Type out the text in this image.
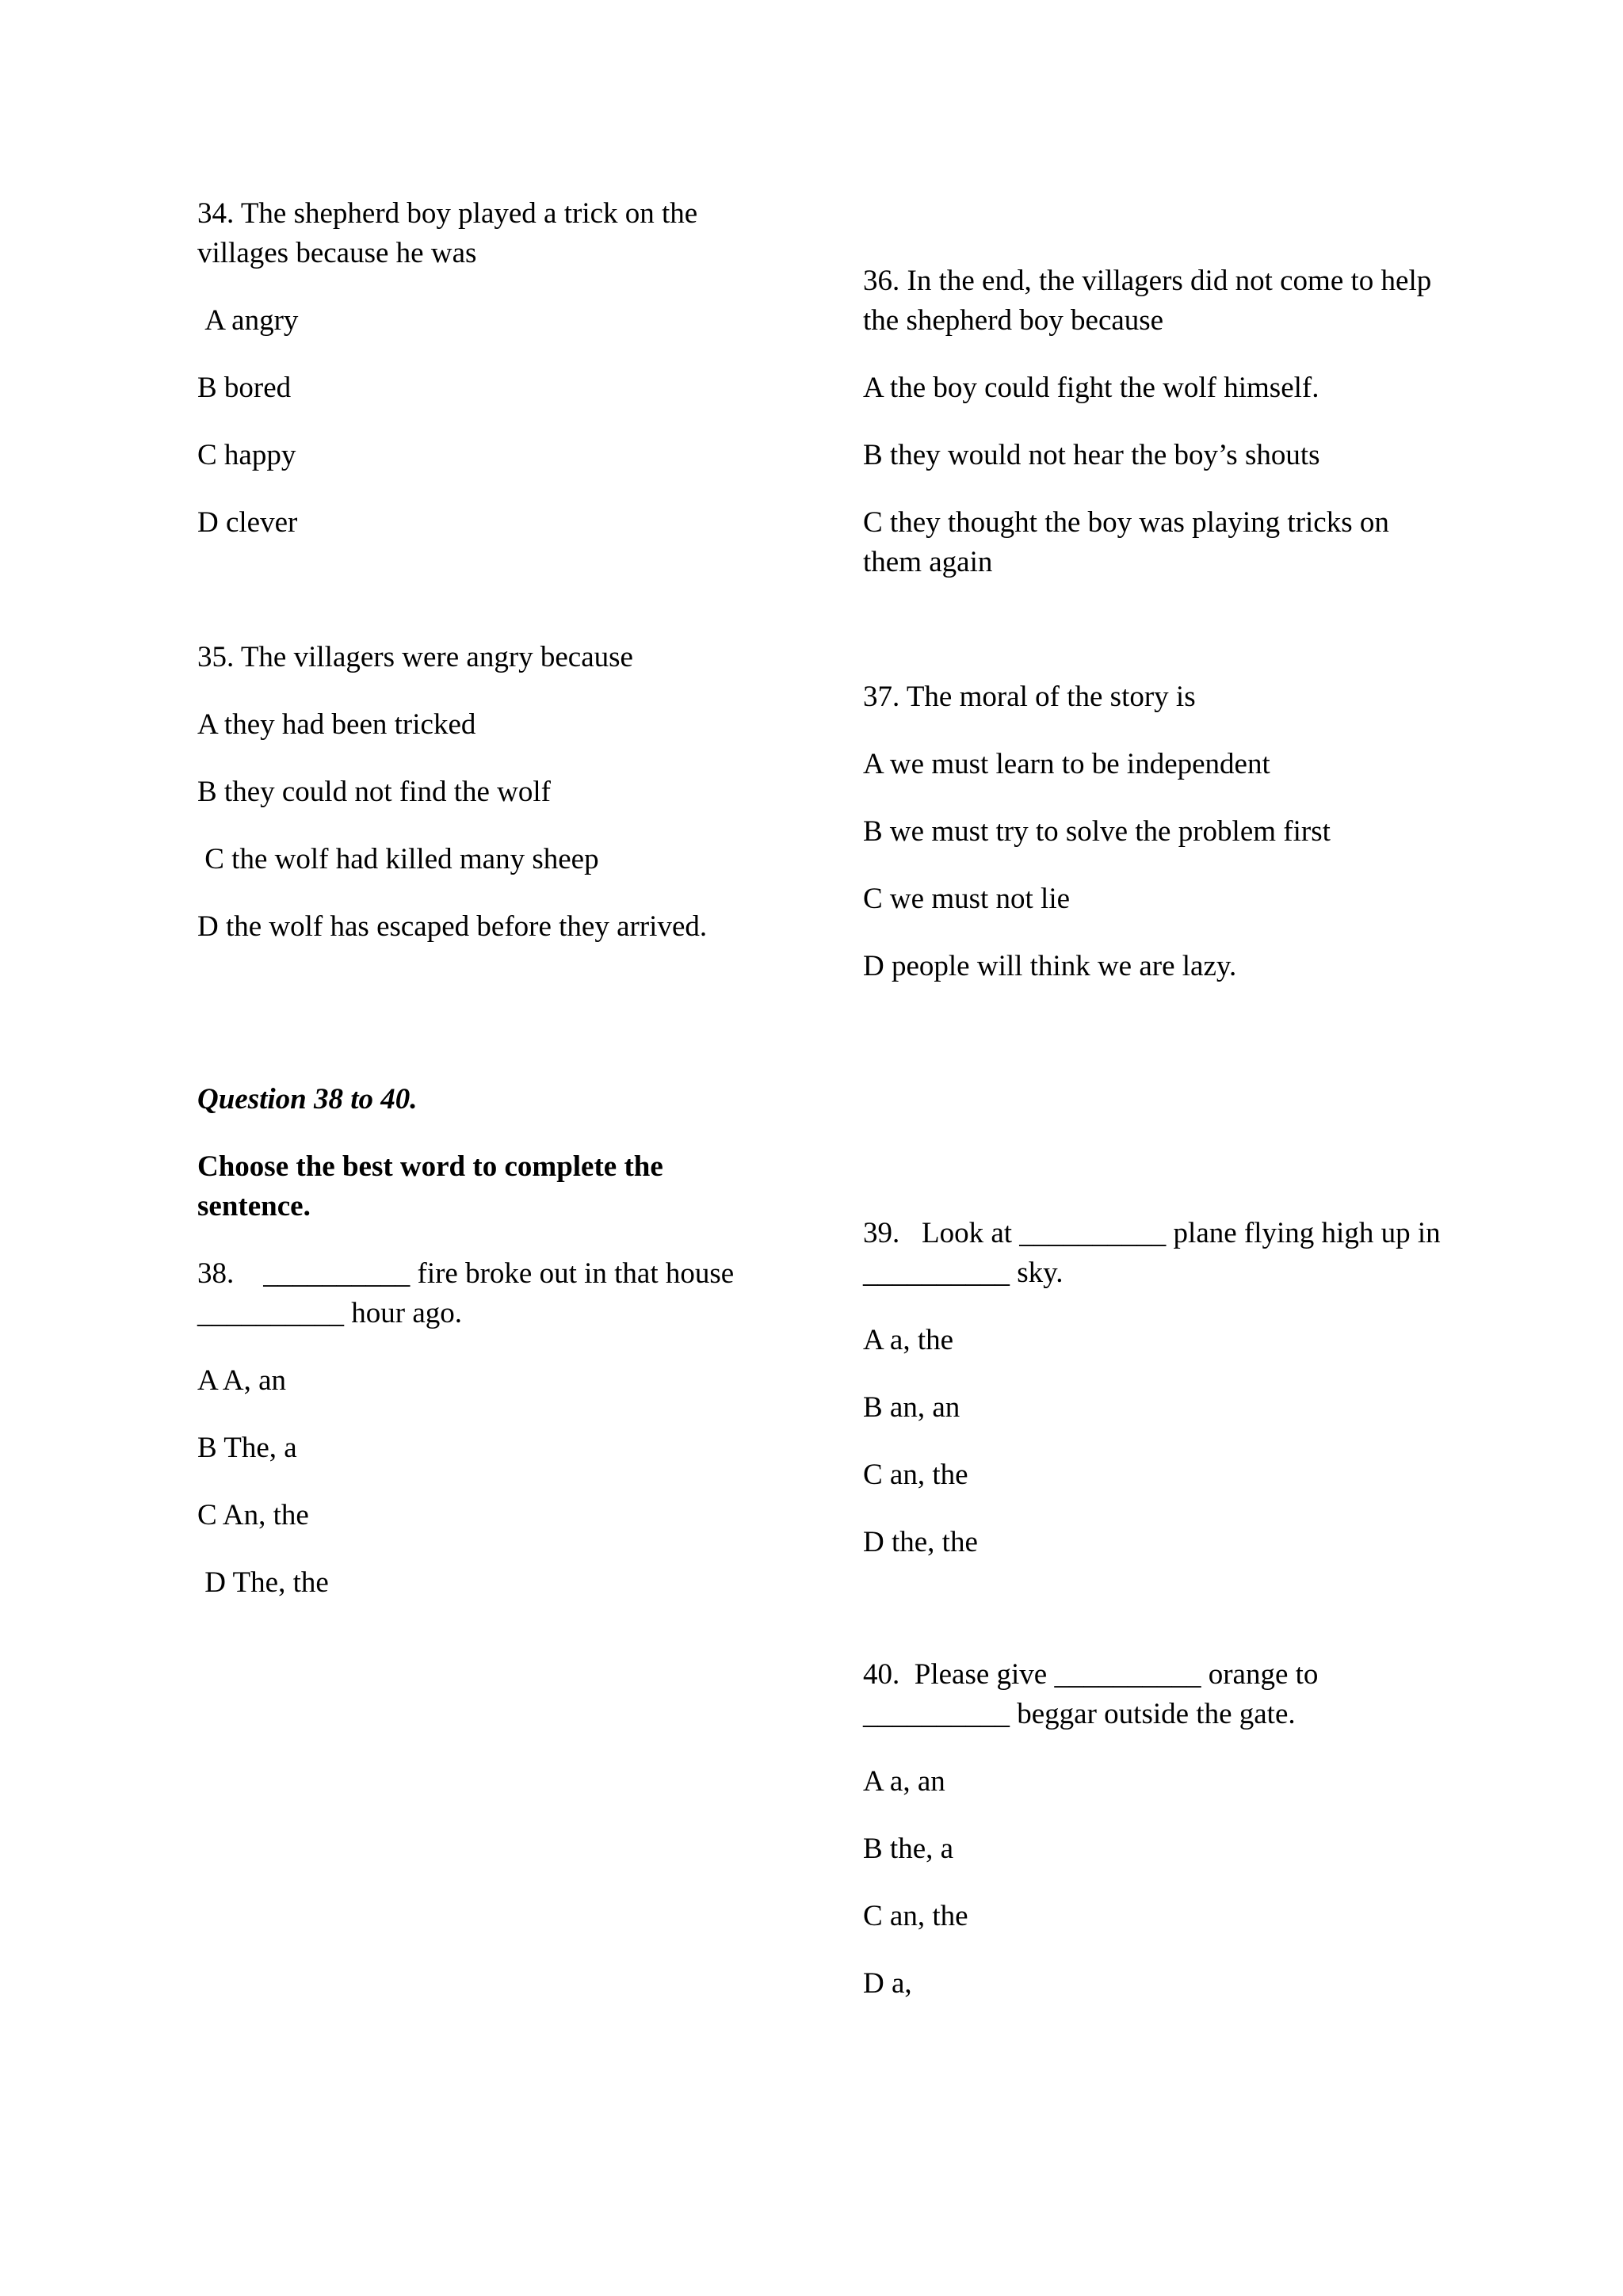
34. The shepherd boy played a trick on the villages because he was

A angry

B bored

C happy

D clever

35. The villagers were angry because

A they had been tricked

B they could not find the wolf

C the wolf had killed many sheep

D the wolf has escaped before they arrived.

36. In the end, the villagers did not come to help the shepherd boy because

A the boy could fight the wolf himself.

B they would not hear the boy’s shouts

C they thought the boy was playing tricks on them again

37. The moral of the story is

A we must learn to be independent

B we must try to solve the problem first

C we must not lie

D people will think we are lazy.

Question 38 to 40.

Choose the best word to complete the sentence.

38.    __________ fire broke out in that house __________ hour ago.

A A, an

B The, a

C An, the

D The, the

39.   Look at __________ plane flying high up in __________ sky.

A a, the

B an, an

C an, the

D the, the

40.  Please give __________ orange to __________ beggar outside the gate.

A a, an

B the, a

C an, the

D a,
